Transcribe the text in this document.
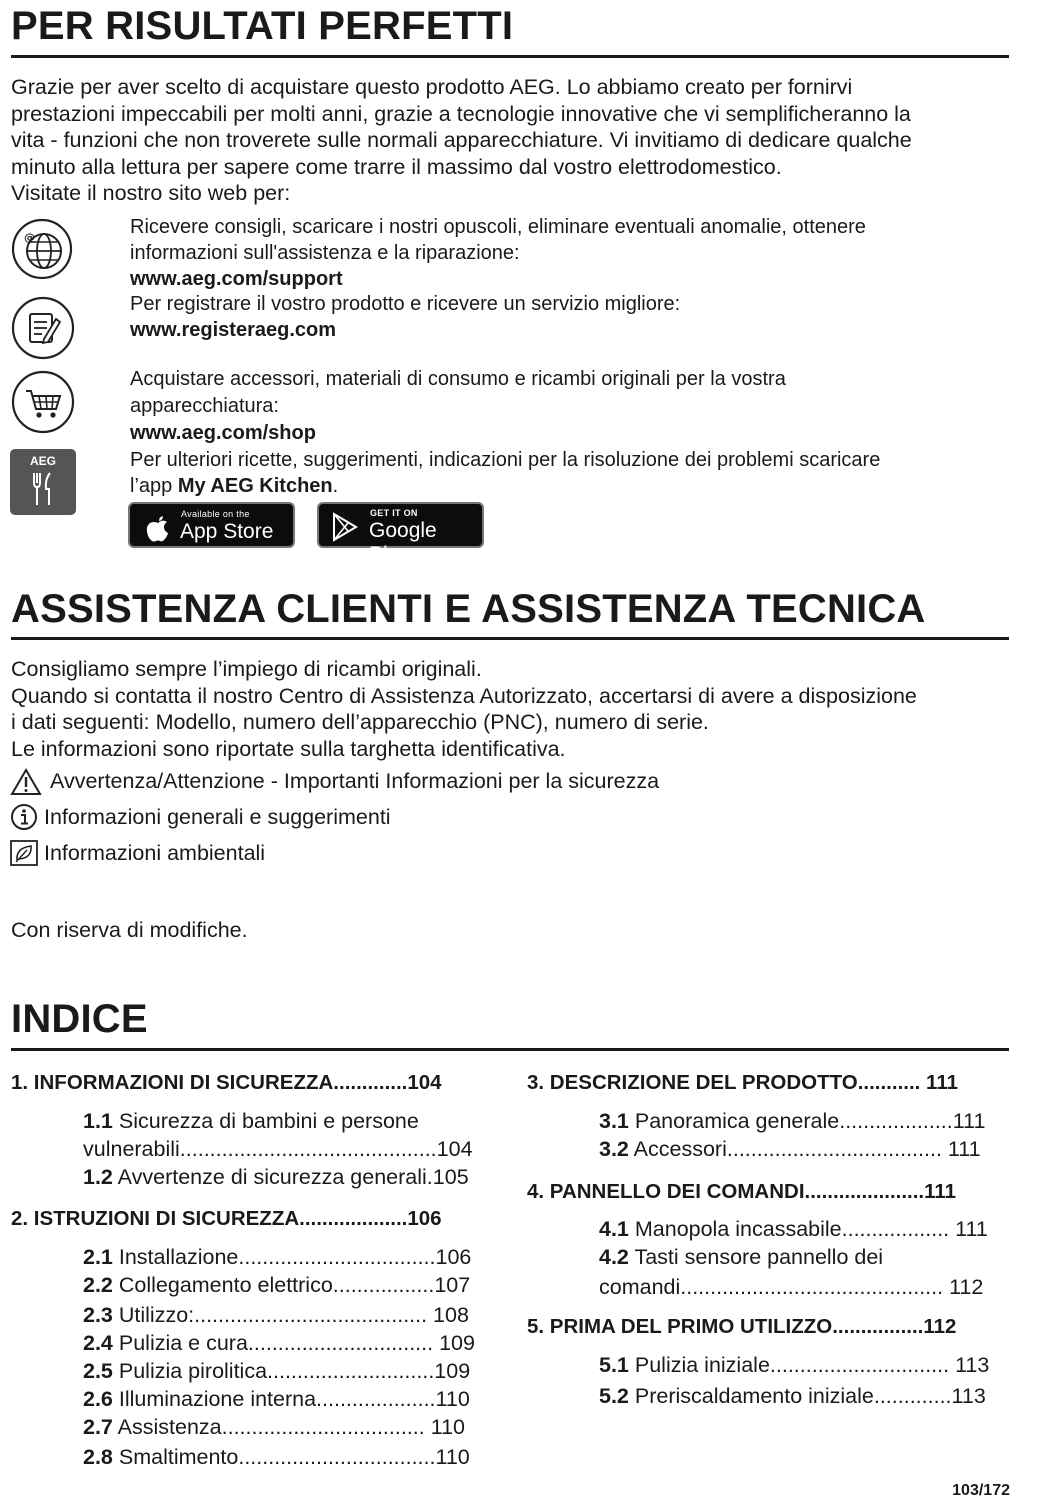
PER RISULTATI PERFETTI
Grazie per aver scelto di acquistare questo prodotto AEG. Lo abbiamo creato per fornirvi
prestazioni impeccabili per molti anni, grazie a tecnologie innovative che vi semplificheranno la
vita - funzioni che non troverete sulle normali apparecchiature. Vi invitiamo di dedicare qualche
minuto alla lettura per sapere come trarre il massimo dal vostro elettrodomestico.
Visitate il nostro sito web per:
@	Ricevere consigli, scaricare i nostri opuscoli, eliminare eventuali anomalie, ottenere
informazioni sull'assistenza e la riparazione:
www.aeg.com/support
Per registrare il vostro prodotto e ricevere un servizio migliore:
www.registeraeg.com
Acquistare accessori, materiali di consumo e ricambi originali per la vostra
apparecchiatura:
www.aeg.com/shop
AEG	Per ulteriori ricette, suggerimenti, indicazioni per la risoluzione dei problemi scaricare
l’app My AEG Kitchen.
Available on the
App Store
GET IT ON
Google Play
ASSISTENZA CLIENTI E ASSISTENZA TECNICA
Consigliamo sempre l’impiego di ricambi originali.
Quando si contatta il nostro Centro di Assistenza Autorizzato, accertarsi di avere a disposizione
i dati seguenti: Modello, numero dell’apparecchio (PNC), numero di serie.
Le informazioni sono riportate sulla targhetta identificativa.
Avvertenza/Attenzione - Importanti Informazioni per la sicurezza
Informazioni generali e suggerimenti
Informazioni ambientali
Con riserva di modifiche.
INDICE
1. INFORMAZIONI DI SICUREZZA.............104
1.1 Sicurezza di bambini e persone
vulnerabili...........................................104
1.2 Avvertenze di sicurezza generali.105
2. ISTRUZIONI DI SICUREZZA...................106
2.1 Installazione.................................106
2.2 Collegamento elettrico.................107
2.3 Utilizzo:....................................... 108
2.4 Pulizia e cura............................... 109
2.5 Pulizia pirolitica............................109
2.6 Illuminazione interna....................110
2.7 Assistenza.................................. 110
2.8 Smaltimento.................................110
3. DESCRIZIONE DEL PRODOTTO........... 111
3.1 Panoramica generale...................111
3.2 Accessori.................................... 111
4. PANNELLO DEI COMANDI.....................111
4.1 Manopola incassabile.................. 111
4.2 Tasti sensore pannello dei
comandi............................................ 112
5. PRIMA DEL PRIMO UTILIZZO................112
5.1 Pulizia iniziale.............................. 113
5.2 Preriscaldamento iniziale.............113
103/172
